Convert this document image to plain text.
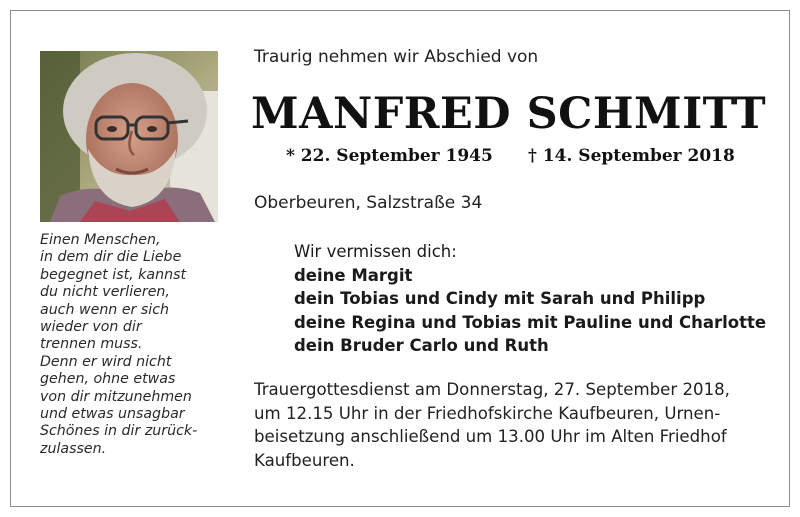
Einen Menschen,
in dem dir die Liebe
begegnet ist, kannst
du nicht verlieren,
auch wenn er sich
wieder von dir
trennen muss.
Denn er wird nicht
gehen, ohne etwas
von dir mitzunehmen
und etwas unsagbar
Schönes in dir zurück-
zulassen.
Traurig nehmen wir Abschied von
MANFRED SCHMITT
* 22. September 1945 † 14. September 2018
Oberbeuren, Salzstraße 34
Wir vermissen dich:
deine Margit
dein Tobias und Cindy mit Sarah und Philipp
deine Regina und Tobias mit Pauline und Charlotte
dein Bruder Carlo und Ruth
Trauergottesdienst am Donnerstag, 27. September 2018,
um 12.15 Uhr in der Friedhofskirche Kaufbeuren, Urnen-
beisetzung anschließend um 13.00 Uhr im Alten Friedhof
Kaufbeuren.
